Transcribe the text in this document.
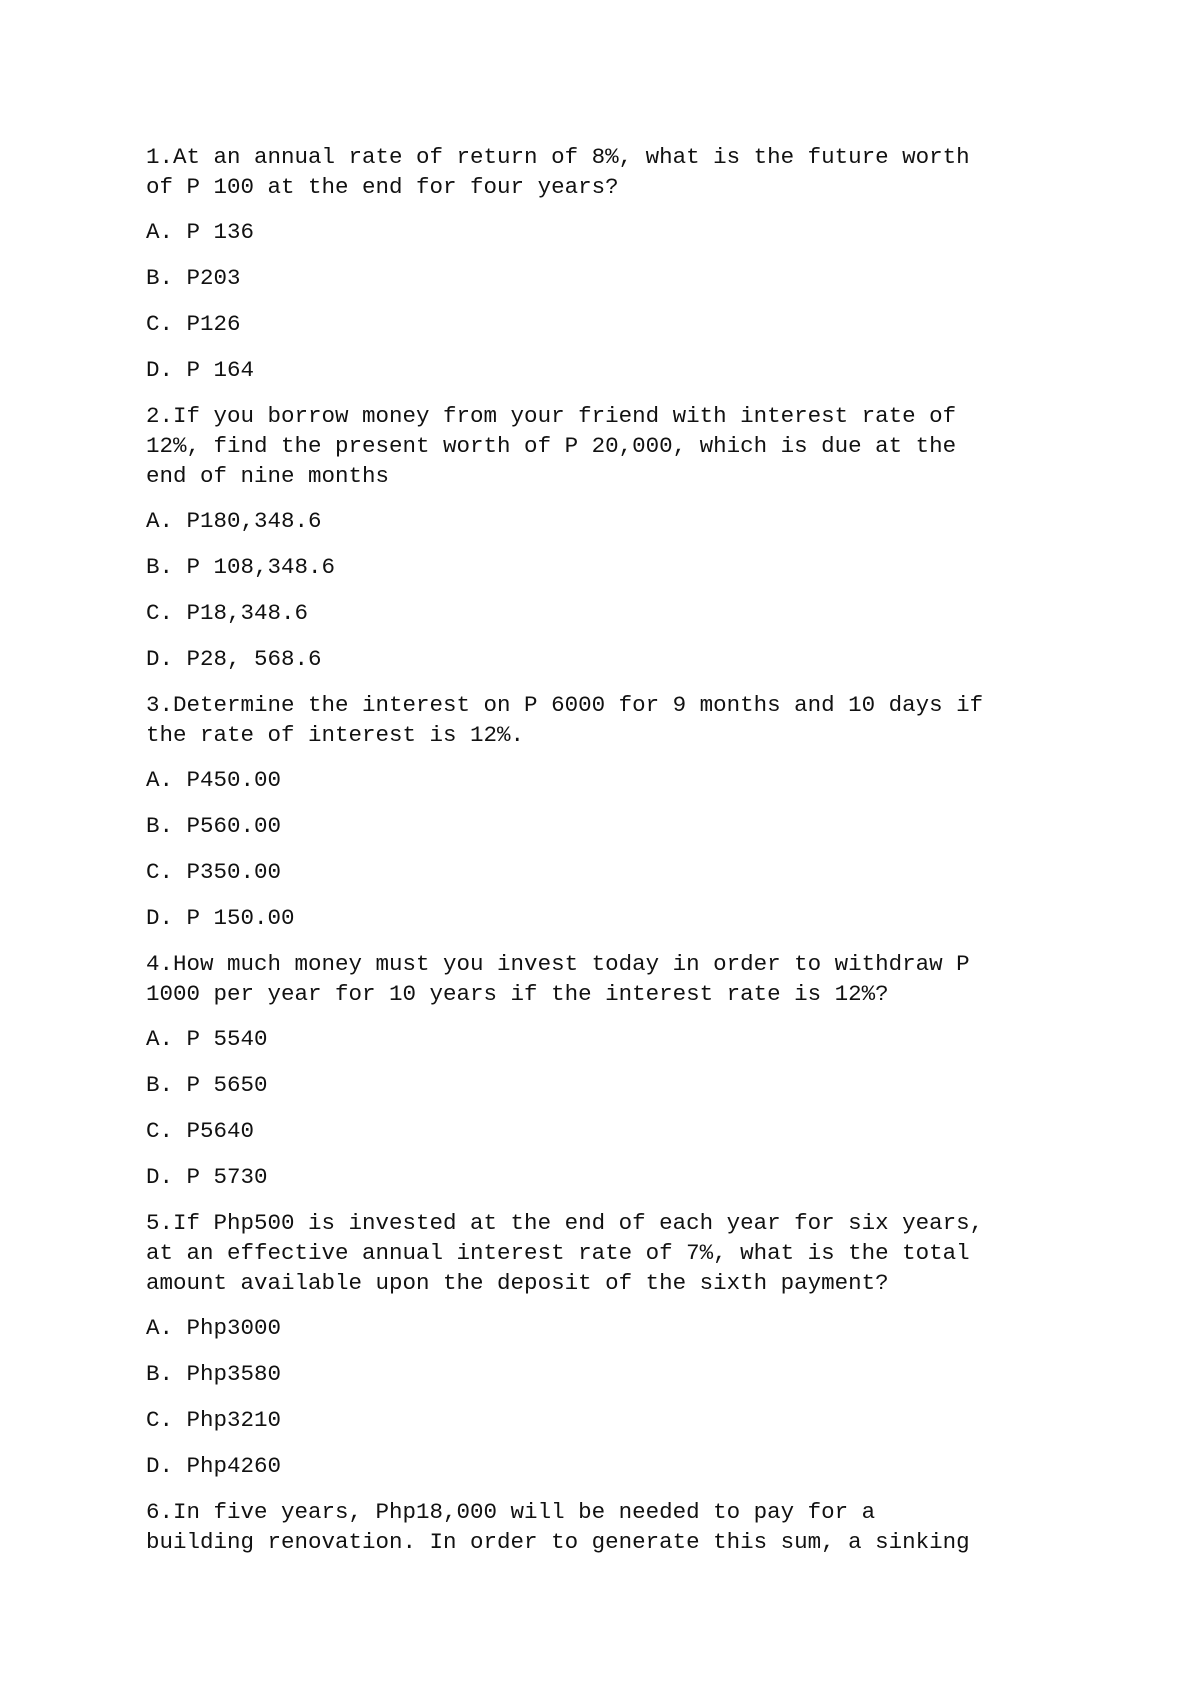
1.At an annual rate of return of 8%, what is the future worth
of P 100 at the end for four years?

A. P 136

B. P203

C. P126

D. P 164

2.If you borrow money from your friend with interest rate of
12%, find the present worth of P 20,000, which is due at the
end of nine months

A. P180,348.6

B. P 108,348.6

C. P18,348.6

D. P28, 568.6

3.Determine the interest on P 6000 for 9 months and 10 days if
the rate of interest is 12%.

A. P450.00

B. P560.00

C. P350.00

D. P 150.00

4.How much money must you invest today in order to withdraw P
1000 per year for 10 years if the interest rate is 12%?

A. P 5540

B. P 5650

C. P5640

D. P 5730

5.If Php500 is invested at the end of each year for six years,
at an effective annual interest rate of 7%, what is the total
amount available upon the deposit of the sixth payment?

A. Php3000

B. Php3580

C. Php3210

D. Php4260

6.In five years, Php18,000 will be needed to pay for a
building renovation. In order to generate this sum, a sinking
